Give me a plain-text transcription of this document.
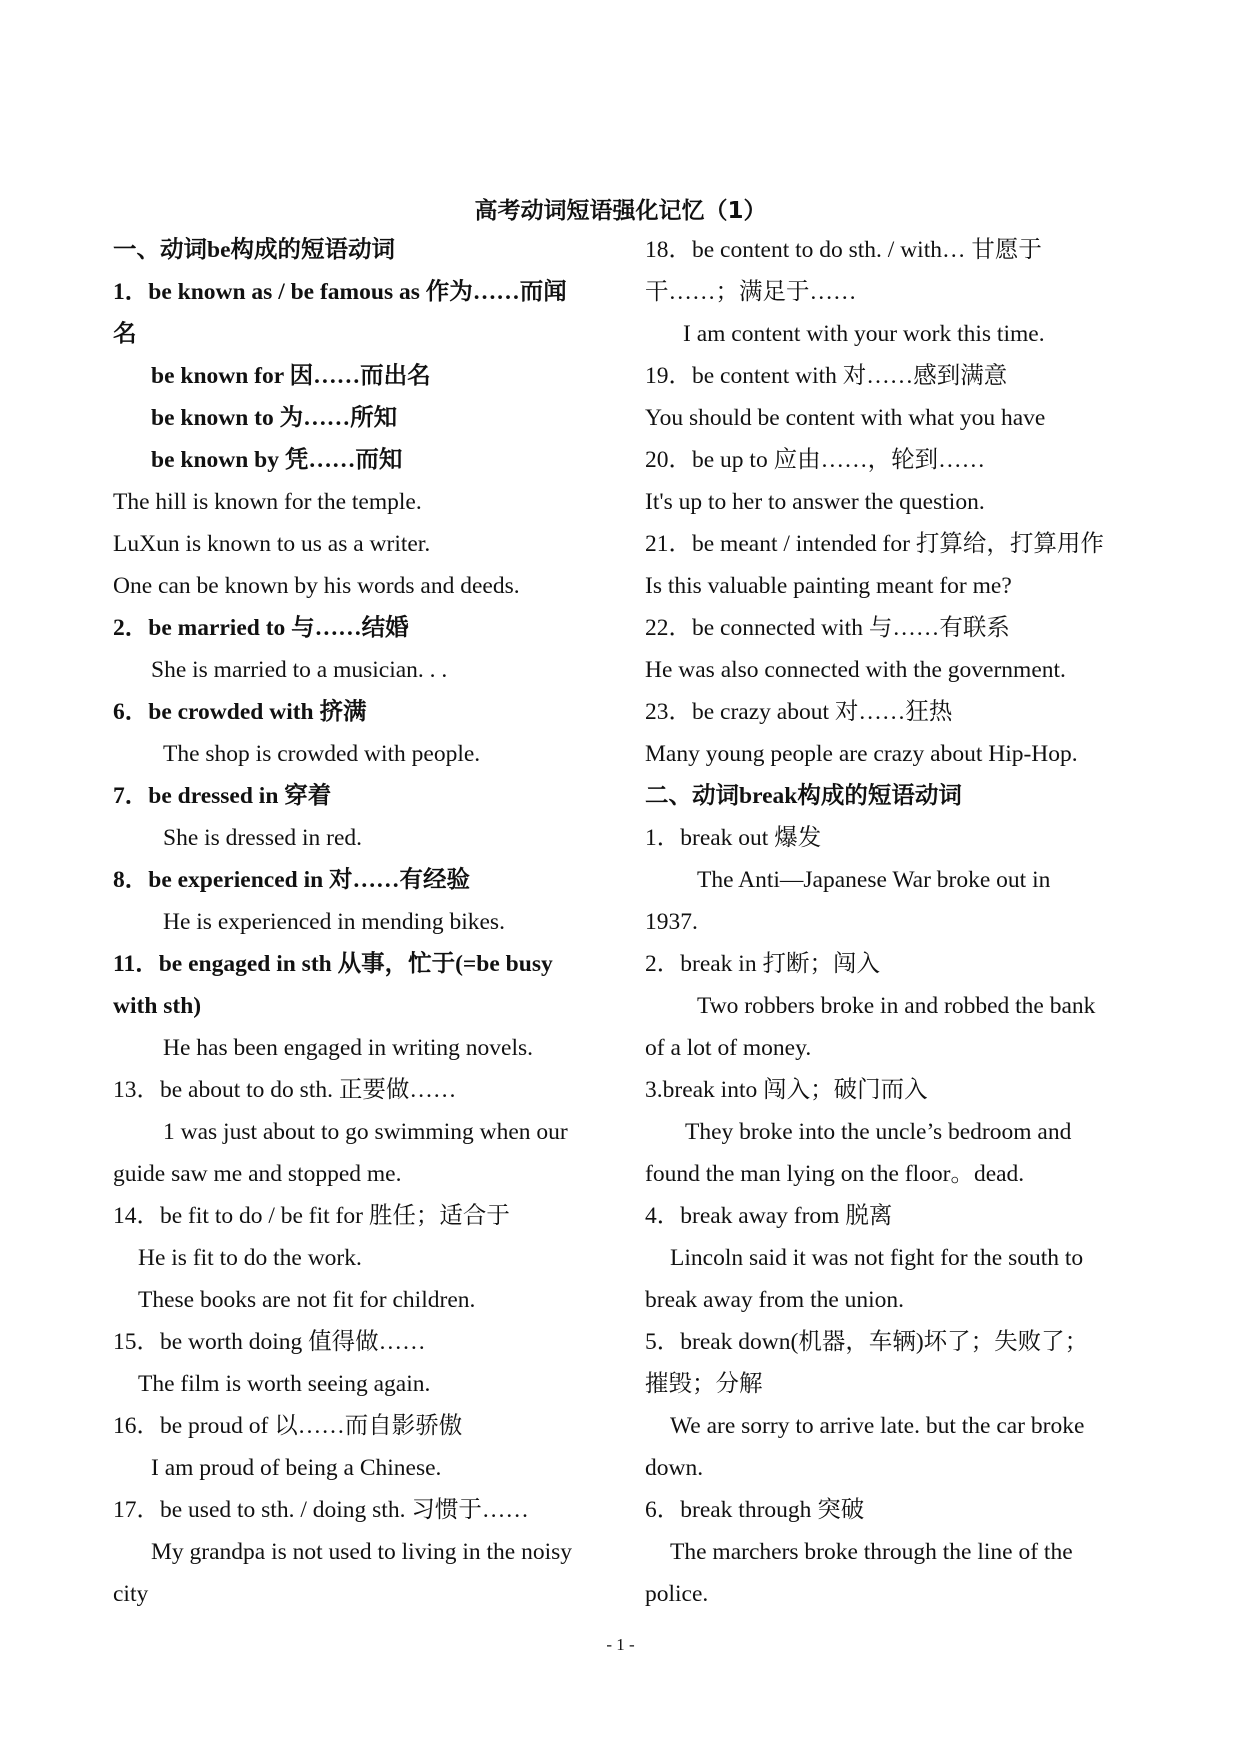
高考动词短语强化记忆（1）
一、动词be构成的短语动词
1．be known as / be famous as 作为……而闻
名
be known for 因……而出名
be known to 为……所知
be known by 凭……而知
The hill is known for the temple.
LuXun is known to us as a writer.
One can be known by his words and deeds.
2．be married to 与……结婚
She is married to a musician. . .
6．be crowded with 挤满
The shop is crowded with people.
7．be dressed in 穿着
She is dressed in red.
8．be experienced in 对……有经验
He is experienced in mending bikes.
11．be engaged in sth 从事，忙于(=be busy
with sth)
He has been engaged in writing novels.
13．be about to do sth. 正要做……
1 was just about to go swimming when our
guide saw me and stopped me.
14．be fit to do / be fit for 胜任；适合于
He is fit to do the work.
These books are not fit for children.
15．be worth doing 值得做……
The film is worth seeing again.
16．be proud of 以……而自影骄傲
I am proud of being a Chinese.
17．be used to sth. / doing sth. 习惯于……
My grandpa is not used to living in the noisy
city
18．be content to do sth. / with… 甘愿于
干……；满足于……
I am content with your work this time.
19．be content with 对……感到满意
You should be content with what you have
20．be up to 应由……，轮到……
It's up to her to answer the question.
21．be meant / intended for 打算给，打算用作
Is this valuable painting meant for me?
22．be connected with 与……有联系
He was also connected with the government.
23．be crazy about 对……狂热
Many young people are crazy about Hip-Hop.
二、动词break构成的短语动词
1．break out 爆发
The Anti—Japanese War broke out in
1937.
2．break in 打断；闯入
Two robbers broke in and robbed the bank
of a lot of money.
3.break into 闯入；破门而入
They broke into the uncle’s bedroom and
found the man lying on the floor。dead.
4．break away from 脱离
Lincoln said it was not fight for the south to
break away from the union.
5．break down(机器，车辆)坏了；失败了；
摧毁；分解
We are sorry to arrive late. but the car broke
down.
6．break through 突破
The marchers broke through the line of the
police.
- 1 -
